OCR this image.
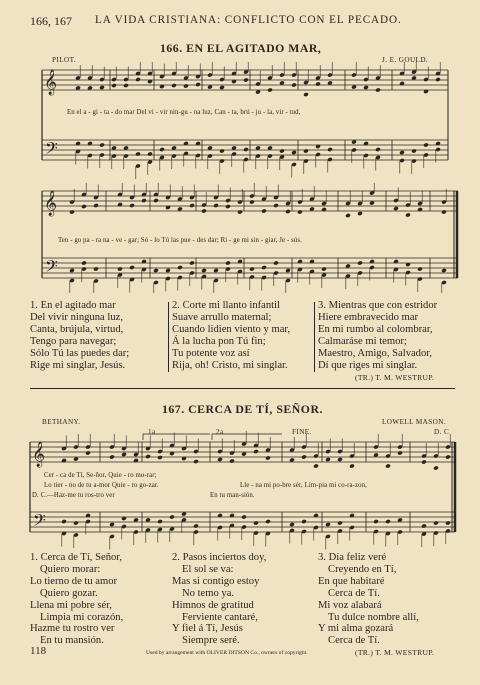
166, 167 LA VIDA CRISTIANA: CONFLICTO CON EL PECADO.
166. EN EL AGITADO MAR,
PILOT.	J. E. GOULD.
𝄞
𝄢
En el a - gi - ta - do mar Del vi - vir nin-gu - na luz, Can - ta, brú - ju - la, vir - tud,
𝄞
𝄢
Ten - go pa - ra na - ve - gar; Só - lo Tú las pue - des dar; Ri - ge mi sin - giar, Je - sús.
1. En el agitado mar
Del vivir ninguna luz,
Canta, brújula, virtud,
Tengo para navegar;
Sólo Tú las puedes dar;
Rige mi singlar, Jesús.
2. Corte mi llanto infantil
Suave arrullo maternal;
Cuando lidien viento y mar,
Á la lucha pon Tú fin;
Tu potente voz así
Rija, oh! Cristo, mi singlar.
3. Mientras que con estridor
Hiere embravecido mar
En mi rumbo al colombrar,
Calmaráse mi temor;
Maestro, Amigo, Salvador,
Dí que riges mi singlar.
(TR.) T. M. WESTRUP.
167. CERCA DE TÍ, SEÑOR.
BETHANY.	LOWELL MASON.
1a	2a	FINE.	D. C
𝄞
𝄢
Cer - ca de Tí, Se-ñor, Quie - ro mo-rar;
Lo tier - no de tu a-mor Quie - ro go-zar.	Lle - na mi po-bre sér, Lim-pia mi co-ra-zon,
D. C.—Haz-me tu ros-tro ver	En tu man-sión.
1. Cerca de Tí, Señor,
Quiero morar:
Lo tierno de tu amor
Quiero gozar.
Llena mi pobre sér,
Limpia mi corazón,
Hazme tu rostro ver
En tu mansión.
2. Pasos inciertos doy,
El sol se va:
Mas si contigo estoy
No temo ya.
Himnos de gratitud
Ferviente cantaré,
Y fiel á Tí, Jesús
Siempre seré.
3. Día feliz veré
Creyendo en Tí,
En que habitaré
Cerca de Tí.
Mi voz alabará
Tu dulce nombre allí,
Y mi alma gozará
Cerca de Tí.
118	Used by arrangement with OLIVER DITSON Co., owners of copyright.	(TR.) T. M. WESTRUP.
